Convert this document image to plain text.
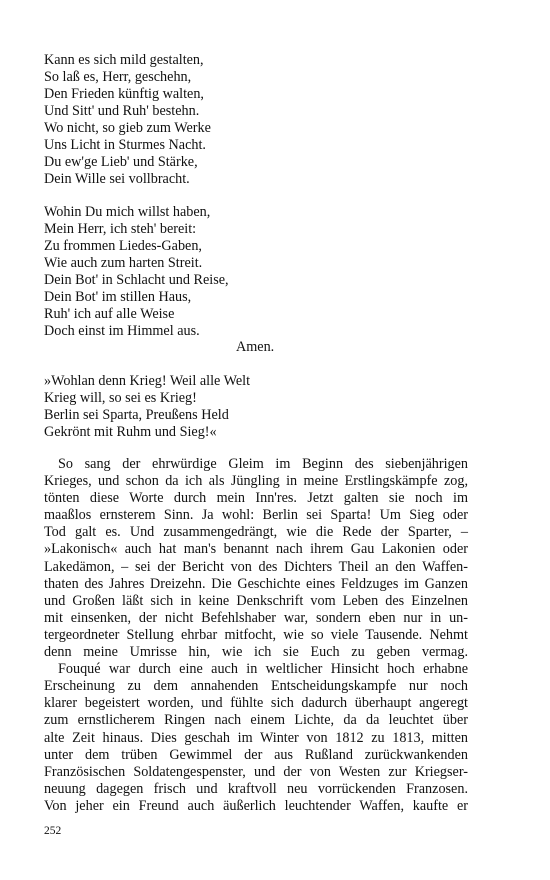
Kann es sich mild gestalten,
So laß es, Herr, geschehn,
Den Frieden künftig walten,
Und Sitt' und Ruh' bestehn.
Wo nicht, so gieb zum Werke
Uns Licht in Sturmes Nacht.
Du ew'ge Lieb' und Stärke,
Dein Wille sei vollbracht.
Wohin Du mich willst haben,
Mein Herr, ich steh' bereit:
Zu frommen Liedes-Gaben,
Wie auch zum harten Streit.
Dein Bot' in Schlacht und Reise,
Dein Bot' im stillen Haus,
Ruh' ich auf alle Weise
Doch einst im Himmel aus.
Amen.
»Wohlan denn Krieg! Weil alle Welt
Krieg will, so sei es Krieg!
Berlin sei Sparta, Preußens Held
Gekrönt mit Ruhm und Sieg!«
So sang der ehrwürdige Gleim im Beginn des siebenjährigen
Krieges, und schon da ich als Jüngling in meine Erstlingskämpfe zog,
tönten diese Worte durch mein Inn'res. Jetzt galten sie noch im
maaßlos ernsterem Sinn. Ja wohl: Berlin sei Sparta! Um Sieg oder
Tod galt es. Und zusammengedrängt, wie die Rede der Sparter, –
»Lakonisch« auch hat man's benannt nach ihrem Gau Lakonien oder
Lakedämon, – sei der Bericht von des Dichters Theil an den Waffen-
thaten des Jahres Dreizehn. Die Geschichte eines Feldzuges im Ganzen
und Großen läßt sich in keine Denkschrift vom Leben des Einzelnen
mit einsenken, der nicht Befehlshaber war, sondern eben nur in un-
tergeordneter Stellung ehrbar mitfocht, wie so viele Tausende. Nehmt
denn meine Umrisse hin, wie ich sie Euch zu geben vermag.
Fouqué war durch eine auch in weltlicher Hinsicht hoch erhabne
Erscheinung zu dem annahenden Entscheidungskampfe nur noch
klarer begeistert worden, und fühlte sich dadurch überhaupt angeregt
zum ernstlicherem Ringen nach einem Lichte, da da leuchtet über
alte Zeit hinaus. Dies geschah im Winter von 1812 zu 1813, mitten
unter dem trüben Gewimmel der aus Rußland zurückwankenden
Französischen Soldatengespenster, und der von Westen zur Kriegser-
neuung dagegen frisch und kraftvoll neu vorrückenden Franzosen.
Von jeher ein Freund auch äußerlich leuchtender Waffen, kaufte er
252
